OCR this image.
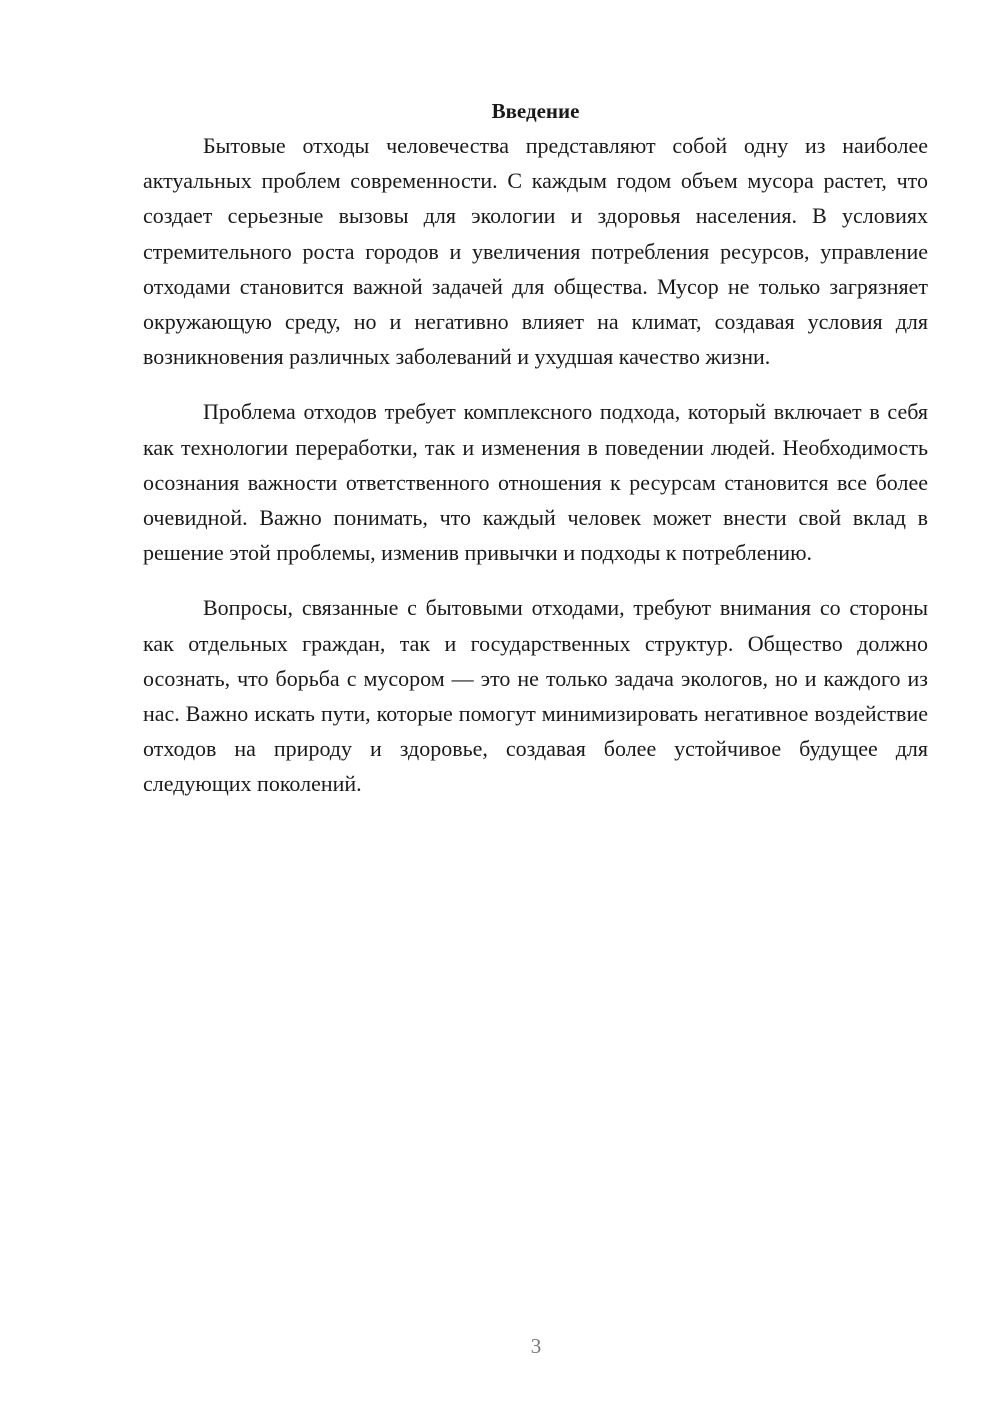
Введение

Бытовые отходы человечества представляют собой одну из наиболее актуальных проблем современности. С каждым годом объем мусора растет, что создает серьезные вызовы для экологии и здоровья населения. В условиях стремительного роста городов и увеличения потребления ресурсов, управление отходами становится важной задачей для общества. Мусор не только загрязняет окружающую среду, но и негативно влияет на климат, создавая условия для возникновения различных заболеваний и ухудшая качество жизни.

Проблема отходов требует комплексного подхода, который включает в себя как технологии переработки, так и изменения в поведении людей. Необходимость осознания важности ответственного отношения к ресурсам становится все более очевидной. Важно понимать, что каждый человек может внести свой вклад в решение этой проблемы, изменив привычки и подходы к потреблению.

Вопросы, связанные с бытовыми отходами, требуют внимания со стороны как отдельных граждан, так и государственных структур. Общество должно осознать, что борьба с мусором — это не только задача экологов, но и каждого из нас. Важно искать пути, которые помогут минимизировать негативное воздействие отходов на природу и здоровье, создавая более устойчивое будущее для следующих поколений.

3
